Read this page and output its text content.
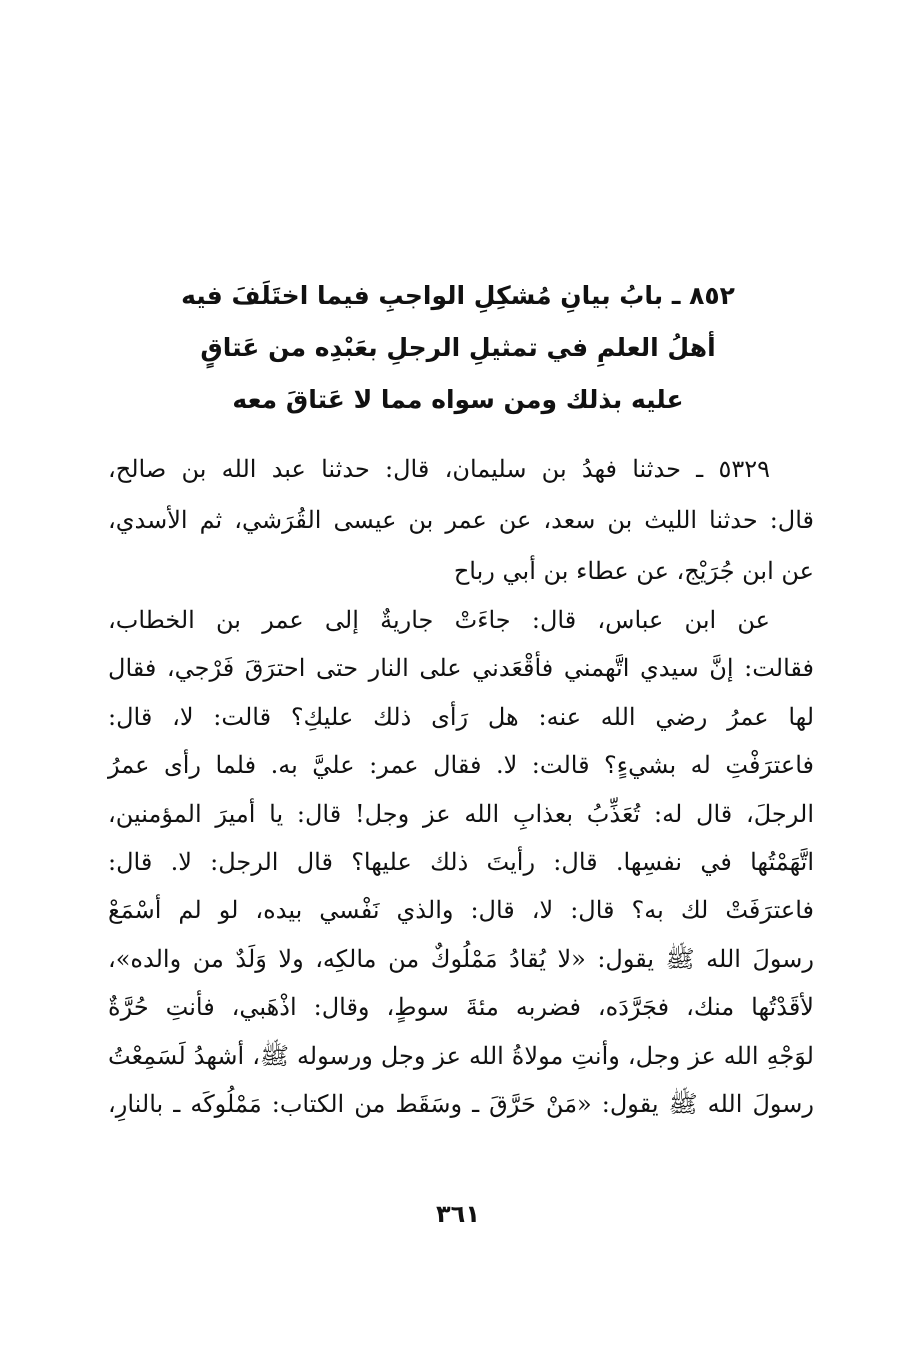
٨٥٢ ـ بابُ بيانِ مُشكِلِ الواجبِ فيما اختَلَفَ فيه
أهلُ العلمِ في تمثيلِ الرجلِ بعَبْدِه من عَتاقٍ
عليه بذلك ومن سواه مما لا عَتاقَ معه
٥٣٢٩ ـ حدثنا فهدُ بن سليمان، قال: حدثنا عبد الله بن صالح،
قال: حدثنا الليث بن سعد، عن عمر بن عيسى القُرَشي، ثم الأسدي،
عن ابن جُرَيْج، عن عطاء بن أبي رباح
عن ابن عباس، قال: جاءَتْ جاريةٌ إلى عمر بن الخطاب،
فقالت: إنَّ سيدي اتَّهمني فأقْعَدني على النار حتى احترَقَ فَرْجي، فقال
لها عمرُ رضي الله عنه: هل رَأى ذلك عليكِ؟ قالت: لا، قال:
فاعترَفْتِ له بشيءٍ؟ قالت: لا. فقال عمر: عليَّ به. فلما رأى عمرُ
الرجلَ، قال له: تُعَذِّبُ بعذابِ الله عز وجل! قال: يا أميرَ المؤمنين،
اتَّهَمْتُها في نفسِها. قال: رأيتَ ذلك عليها؟ قال الرجل: لا. قال:
فاعترَفَتْ لك به؟ قال: لا، قال: والذي نَفْسي بيده، لو لم أسْمَعْ
رسولَ الله ﷺ يقول: «لا يُقادُ مَمْلُوكٌ من مالكِه، ولا وَلَدٌ من والده»،
لأقَدْتُها منك، فجَرَّدَه، فضربه مئةَ سوطٍ، وقال: اذْهَبي، فأنتِ حُرَّةٌ
لوَجْهِ الله عز وجل، وأنتِ مولاةُ الله عز وجل ورسوله ﷺ، أشهدُ لَسَمِعْتُ
رسولَ الله ﷺ يقول: «مَنْ حَرَّقَ ـ وسَقَط من الكتاب: مَمْلُوكَه ـ بالنارِ،
٣٦١
